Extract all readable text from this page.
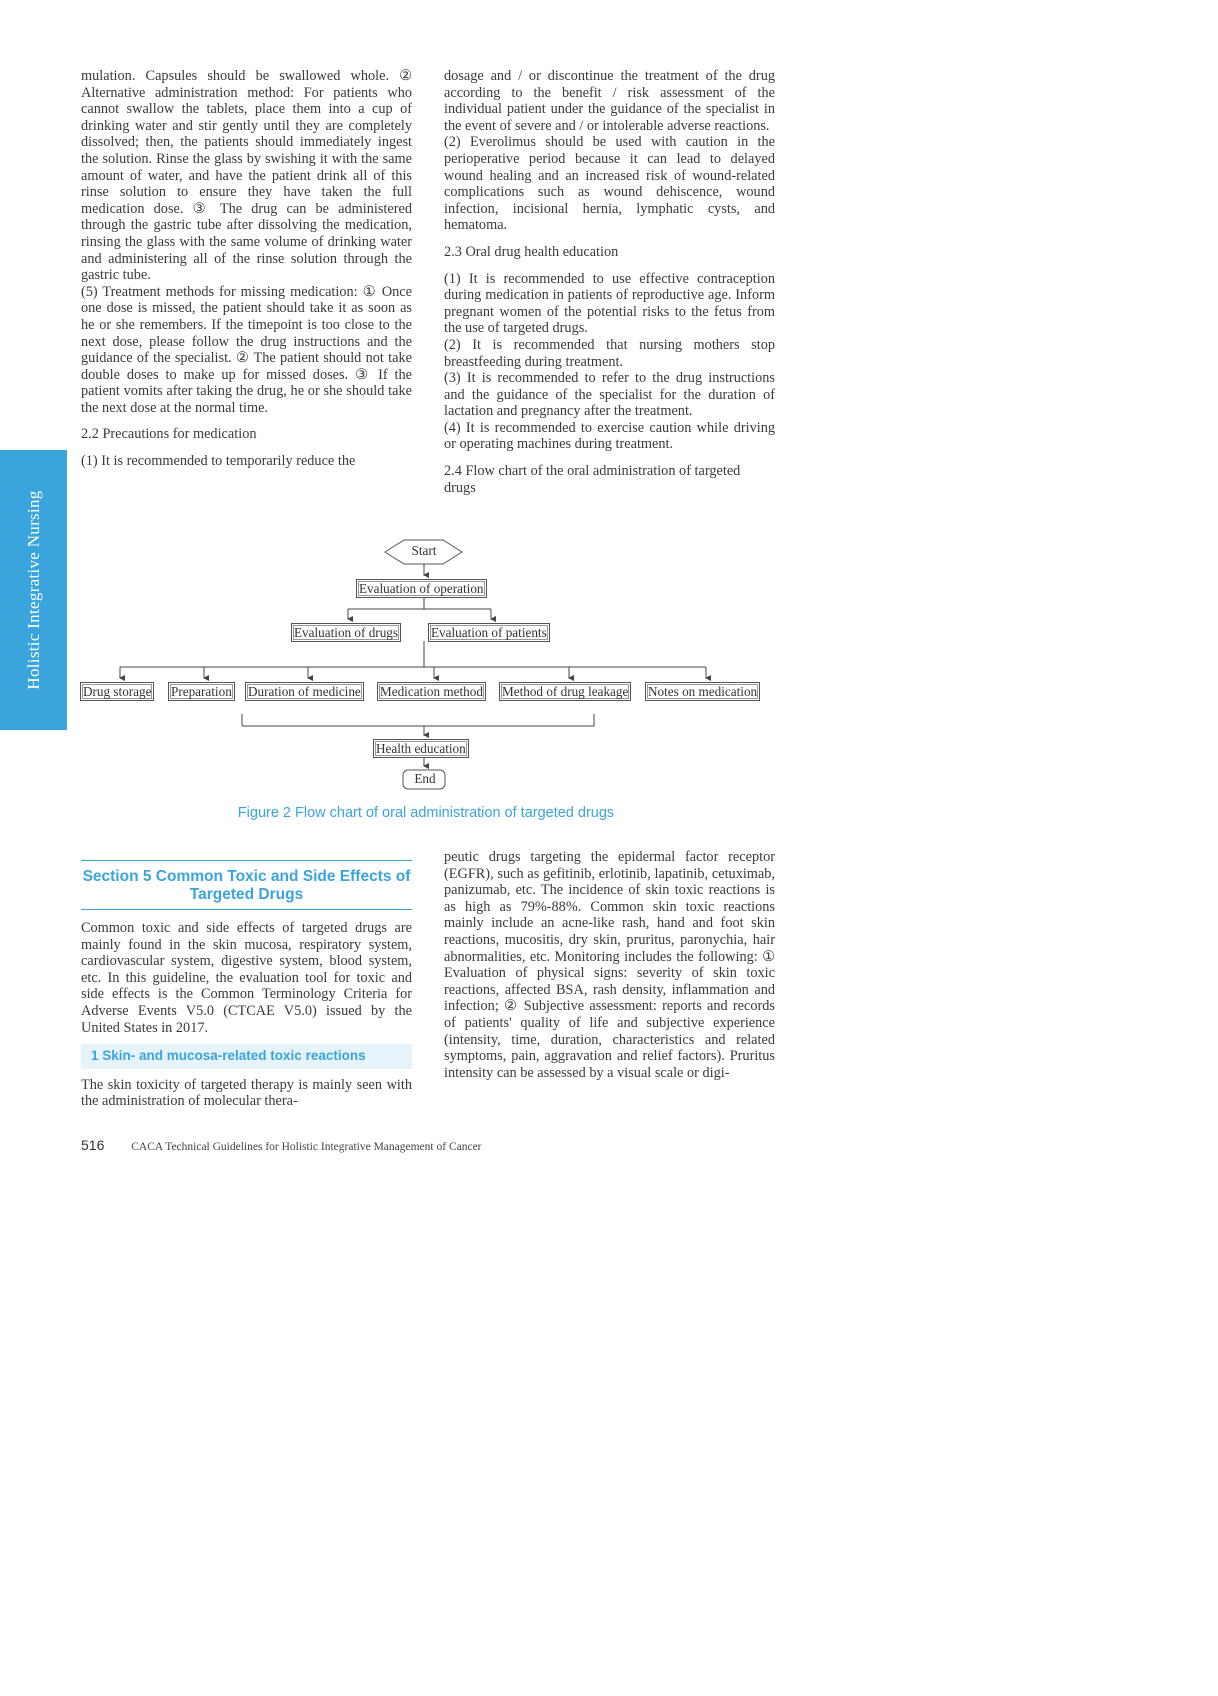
Holistic Integrative Nursing

mulation. Capsules should be swallowed whole. ② Alternative administration method: For patients who cannot swallow the tablets, place them into a cup of drinking water and stir gently until they are completely dissolved; then, the patients should immediately ingest the solution. Rinse the glass by swishing it with the same amount of water, and have the patient drink all of this rinse solution to ensure they have taken the full medication dose. ③ The drug can be administered through the gastric tube after dissolving the medication, rinsing the glass with the same volume of drinking water and administering all of the rinse solution through the gastric tube.

(5) Treatment methods for missing medication: ① Once one dose is missed, the patient should take it as soon as he or she remembers. If the timepoint is too close to the next dose, please follow the drug instructions and the guidance of the specialist. ② The patient should not take double doses to make up for missed doses. ③ If the patient vomits after taking the drug, he or she should take the next dose at the normal time.

2.2 Precautions for medication

(1) It is recommended to temporarily reduce the

dosage and / or discontinue the treatment of the drug according to the benefit / risk assessment of the individual patient under the guidance of the specialist in the event of severe and / or intolerable adverse reactions.

(2) Everolimus should be used with caution in the perioperative period because it can lead to delayed wound healing and an increased risk of wound-related complications such as wound dehiscence, wound infection, incisional hernia, lymphatic cysts, and hematoma.

2.3 Oral drug health education

(1) It is recommended to use effective contraception during medication in patients of reproductive age. Inform pregnant women of the potential risks to the fetus from the use of targeted drugs.

(2) It is recommended that nursing mothers stop breastfeeding during treatment.

(3) It is recommended to refer to the drug instructions and the guidance of the specialist for the duration of lactation and pregnancy after the treatment.

(4) It is recommended to exercise caution while driving or operating machines during treatment.

2.4 Flow chart of the oral administration of targeted drugs

Start
Evaluation of operation
Evaluation of drugs Evaluation of patients
Drug storage Preparation Duration of medicine Medication method Method of drug leakage Notes on medication
Health education
End
Figure 2 Flow chart of oral administration of targeted drugs
Section 5 Common Toxic and Side Effects of Targeted Drugs

Common toxic and side effects of targeted drugs are mainly found in the skin mucosa, respiratory system, cardiovascular system, digestive system, blood system, etc. In this guideline, the evaluation tool for toxic and side effects is the Common Terminology Criteria for Adverse Events V5.0 (CTCAE V5.0) issued by the United States in 2017.

1 Skin- and mucosa-related toxic reactions

The skin toxicity of targeted therapy is mainly seen with the administration of molecular thera-

peutic drugs targeting the epidermal factor receptor (EGFR), such as gefitinib, erlotinib, lapatinib, cetuximab, panizumab, etc. The incidence of skin toxic reactions is as high as 79%-88%. Common skin toxic reactions mainly include an acne-like rash, hand and foot skin reactions, mucositis, dry skin, pruritus, paronychia, hair abnormalities, etc. Monitoring includes the following: ① Evaluation of physical signs: severity of skin toxic reactions, affected BSA, rash density, inflammation and infection; ② Subjective assessment: reports and records of patients' quality of life and subjective experience (intensity, time, duration, characteristics and related symptoms, pain, aggravation and relief factors). Pruritus intensity can be assessed by a visual scale or digi-

516 CACA Technical Guidelines for Holistic Integrative Management of Cancer
